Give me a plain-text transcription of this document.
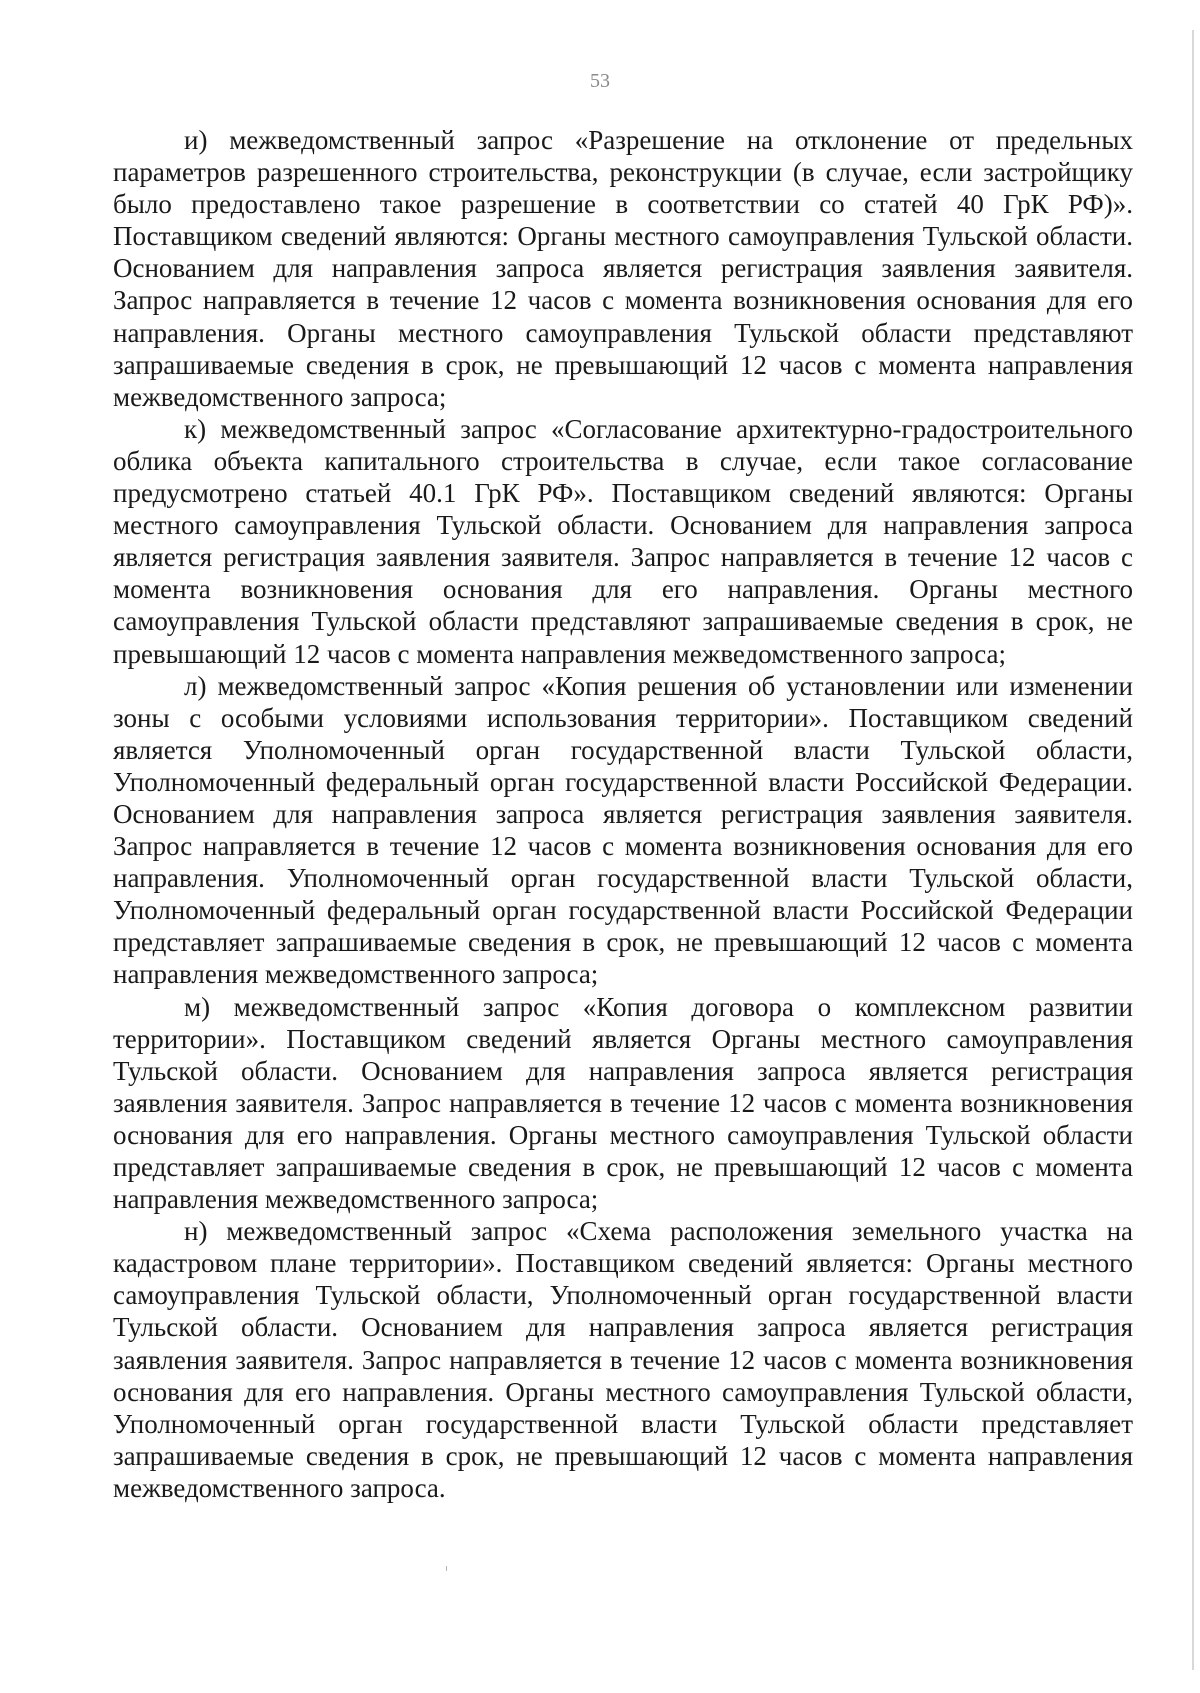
53

и) межведомственный запрос «Разрешение на отклонение от предельных параметров разрешенного строительства, реконструкции (в случае, если застройщику было предоставлено такое разрешение в соответствии со статей 40 ГрК РФ)». Поставщиком сведений являются: Органы местного самоуправления Тульской области. Основанием для направления запроса является регистрация заявления заявителя. Запрос направляется в течение 12 часов с момента возникновения основания для его направления. Органы местного самоуправления Тульской области представляют запрашиваемые сведения в срок, не превышающий 12 часов с момента направления межведомственного запроса;

к) межведомственный запрос «Согласование архитектурно-градостроительного облика объекта капитального строительства в случае, если такое согласование предусмотрено статьей 40.1 ГрК РФ». Поставщиком сведений являются: Органы местного самоуправления Тульской области. Основанием для направления запроса является регистрация заявления заявителя. Запрос направляется в течение 12 часов с момента возникновения основания для его направления. Органы местного самоуправления Тульской области представляют запрашиваемые сведения в срок, не превышающий 12 часов с момента направления межведомственного запроса;

л) межведомственный запрос «Копия решения об установлении или изменении зоны с особыми условиями использования территории». Поставщиком сведений является Уполномоченный орган государственной власти Тульской области, Уполномоченный федеральный орган государственной власти Российской Федерации. Основанием для направления запроса является регистрация заявления заявителя. Запрос направляется в течение 12 часов с момента возникновения основания для его направления. Уполномоченный орган государственной власти Тульской области, Уполномоченный федеральный орган государственной власти Российской Федерации представляет запрашиваемые сведения в срок, не превышающий 12 часов с момента направления межведомственного запроса;

м) межведомственный запрос «Копия договора о комплексном развитии территории». Поставщиком сведений является Органы местного самоуправления Тульской области. Основанием для направления запроса является регистрация заявления заявителя. Запрос направляется в течение 12 часов с момента возникновения основания для его направления. Органы местного самоуправления Тульской области представляет запрашиваемые сведения в срок, не превышающий 12 часов с момента направления межведомственного запроса;

н) межведомственный запрос «Схема расположения земельного участка на кадастровом плане территории». Поставщиком сведений является: Органы местного самоуправления Тульской области, Уполномоченный орган государственной власти Тульской области. Основанием для направления запроса является регистрация заявления заявителя. Запрос направляется в течение 12 часов с момента возникновения основания для его направления. Органы местного самоуправления Тульской области, Уполномоченный орган государственной власти Тульской области представляет запрашиваемые сведения в срок, не превышающий 12 часов с момента направления межведомственного запроса.
